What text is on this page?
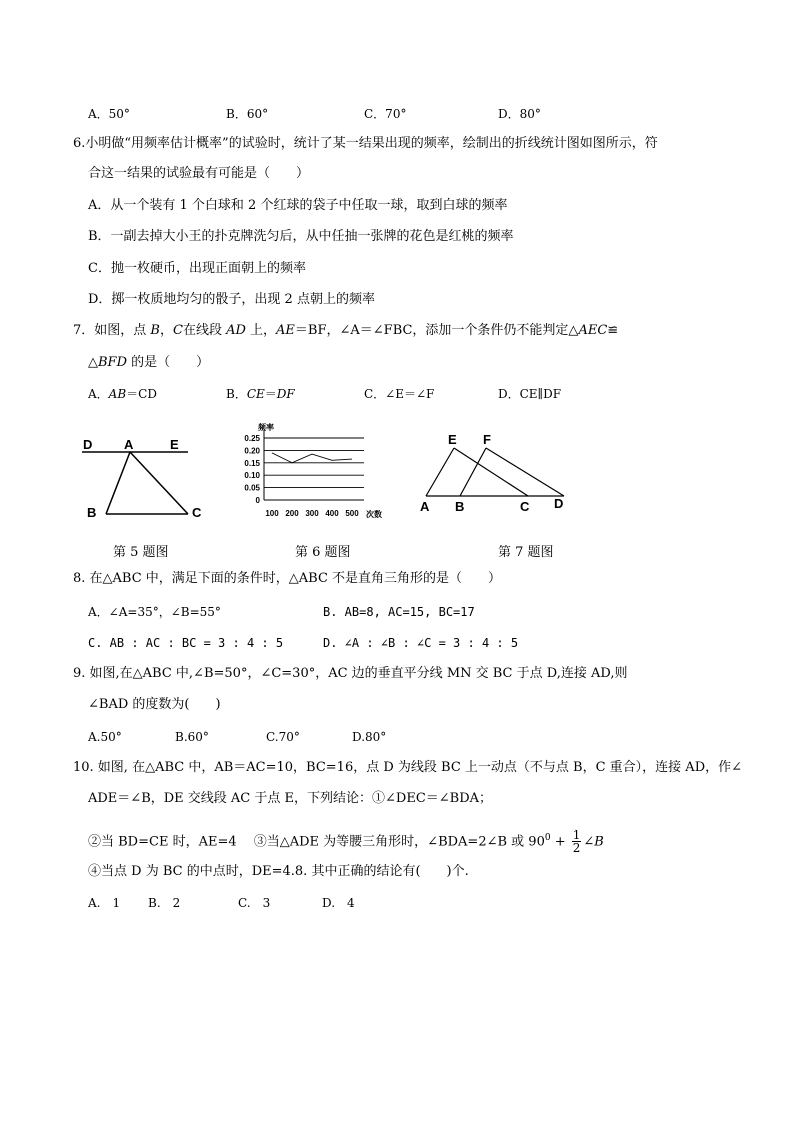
A．50°	B．60°	C．70°	D．80°
6.小明做“用频率估计概率”的试验时，统计了某一结果出现的频率，绘制出的折线统计图如图所示，符
合这一结果的试验最有可能是（　　）
A．从一个装有 1 个白球和 2 个红球的袋子中任取一球，取到白球的频率
B．一副去掉大小王的扑克牌洗匀后，从中任抽一张牌的花色是红桃的频率
C．抛一枚硬币，出现正面朝上的频率
D．掷一枚质地均匀的骰子，出现 2 点朝上的频率
7．如图，点 B，C在线段 AD 上，AE＝BF，∠A＝∠FBC，添加一个条件仍不能判定△AEC≌
△BFD 的是（　　）
A．AB＝CD	B．CE＝DF	C．∠E＝∠F	D．CE∥DF
D A	E
B	C
第 5 题图
频率
次数
0.25
0.20
0.15
0.10
0.05
0
100 200 300 400 500
第 6 题图
E F
A B	C D
第 7 题图
8. 在△ABC 中，满足下面的条件时，△ABC 不是直角三角形的是（　　）
A．∠A=35°，∠B=55°	B. AB=8, AC=15, BC=17
C. AB : AC : BC = 3 : 4 : 5	D. ∠A : ∠B : ∠C = 3 : 4 : 5
9. 如图,在△ABC 中,∠B=50°，∠C=30°，AC 边的垂直平分线 MN 交 BC 于点 D,连接 AD,则
∠BAD 的度数为(　　)
A.50°	B.60°	C.70°	D.80°
10. 如图, 在△ABC 中，AB＝AC=10，BC=16，点 D 为线段 BC 上一动点（不与点 B，C 重合），连接 AD，作∠
ADE＝∠B，DE 交线段 AC 于点 E，下列结论：①∠DEC＝∠BDA；
②当 BD=CE 时，AE=4　 ③当△ADE 为等腰三角形时，∠BDA=2∠B 或 $90^0 + \frac{1}{2}$ ∠B
④当点 D 为 BC 的中点时，DE=4.8. 其中正确的结论有(　　)个.
A.　1 B.　2	C.　3	D.　4
